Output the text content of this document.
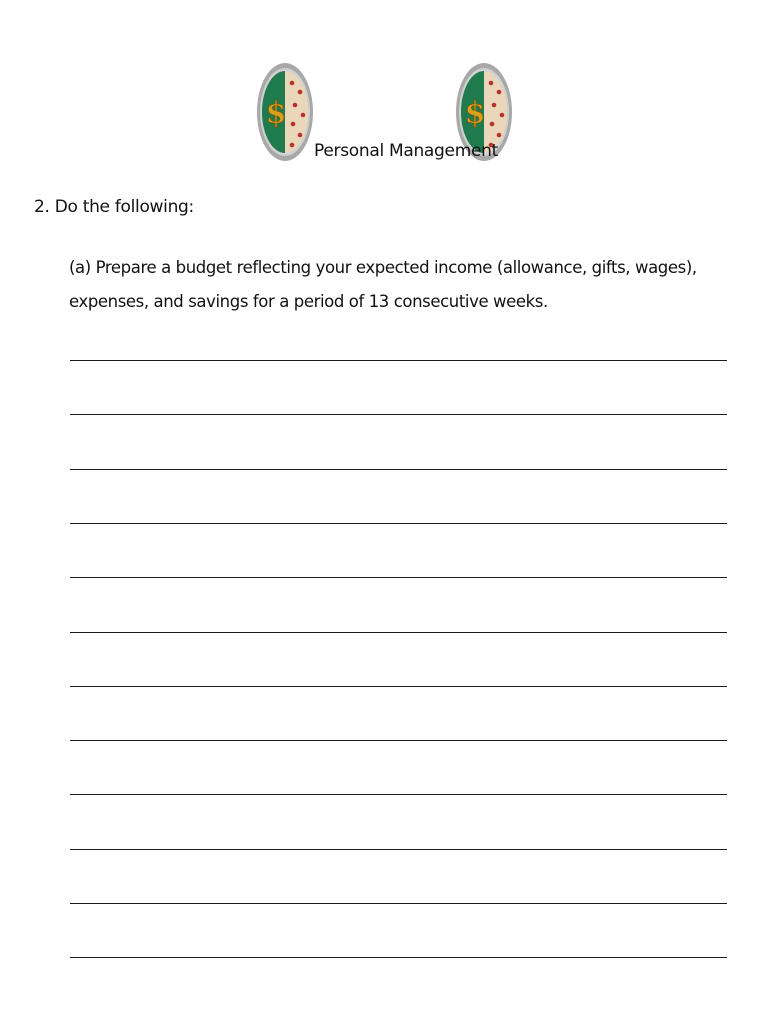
$	$
Personal Management
2. Do the following:
(a) Prepare a budget reflecting your expected income (allowance, gifts, wages), expenses, and savings for a period of 13 consecutive weeks.
